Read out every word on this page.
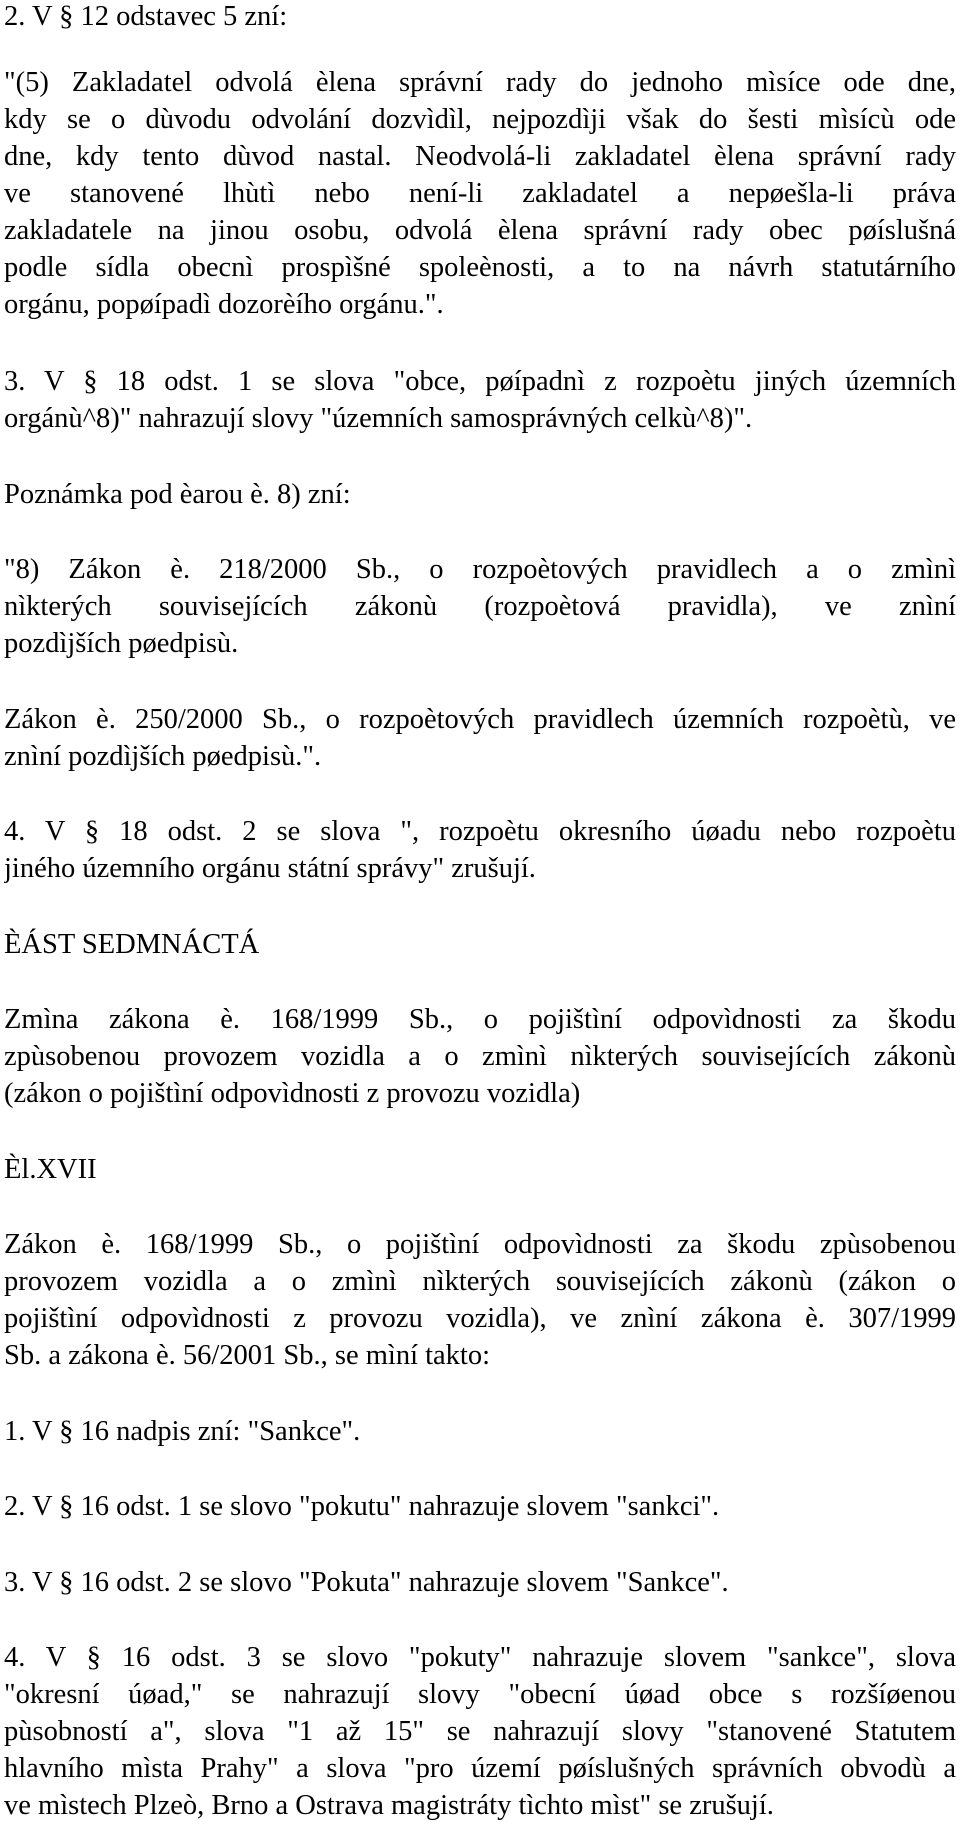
2. V § 12 odstavec 5 zní:
"(5) Zakladatel odvolá èlena správní rady do jednoho mìsíce ode dne,
kdy se o dùvodu odvolání dozvìdìl, nejpozdìji však do šesti mìsícù ode
dne, kdy tento dùvod nastal. Neodvolá-li zakladatel èlena správní rady
ve stanovené lhùtì nebo není-li zakladatel a nepøešla-li práva
zakladatele na jinou osobu, odvolá èlena správní rady obec pøíslušná
podle sídla obecnì prospìšné spoleènosti, a to na návrh statutárního
orgánu, popøípadì dozorèího orgánu.".
3. V § 18 odst. 1 se slova "obce, pøípadnì z rozpoètu jiných územních
orgánù^8)" nahrazují slovy "územních samosprávných celkù^8)".
Poznámka pod èarou è. 8) zní:
"8) Zákon è. 218/2000 Sb., o rozpoètových pravidlech a o zmìnì
nìkterých souvisejících zákonù (rozpoètová pravidla), ve znìní
pozdìjších pøedpisù.
Zákon è. 250/2000 Sb., o rozpoètových pravidlech územních rozpoètù, ve
znìní pozdìjších pøedpisù.".
4. V § 18 odst. 2 se slova ", rozpoètu okresního úøadu nebo rozpoètu
jiného územního orgánu státní správy" zrušují.
ÈÁST SEDMNÁCTÁ
Zmìna zákona è. 168/1999 Sb., o pojištìní odpovìdnosti za škodu
zpùsobenou provozem vozidla a o zmìnì nìkterých souvisejících zákonù
(zákon o pojištìní odpovìdnosti z provozu vozidla)
Èl.XVII
Zákon è. 168/1999 Sb., o pojištìní odpovìdnosti za škodu zpùsobenou
provozem vozidla a o zmìnì nìkterých souvisejících zákonù (zákon o
pojištìní odpovìdnosti z provozu vozidla), ve znìní zákona è. 307/1999
Sb. a zákona è. 56/2001 Sb., se mìní takto:
1. V § 16 nadpis zní: "Sankce".
2. V § 16 odst. 1 se slovo "pokutu" nahrazuje slovem "sankci".
3. V § 16 odst. 2 se slovo "Pokuta" nahrazuje slovem "Sankce".
4. V § 16 odst. 3 se slovo "pokuty" nahrazuje slovem "sankce", slova
"okresní úøad," se nahrazují slovy "obecní úøad obce s rozšíøenou
pùsobností a", slova "1 až 15" se nahrazují slovy "stanovené Statutem
hlavního mìsta Prahy" a slova "pro území pøíslušných správních obvodù a
ve mìstech Plzeò, Brno a Ostrava magistráty tìchto mìst" se zrušují.
